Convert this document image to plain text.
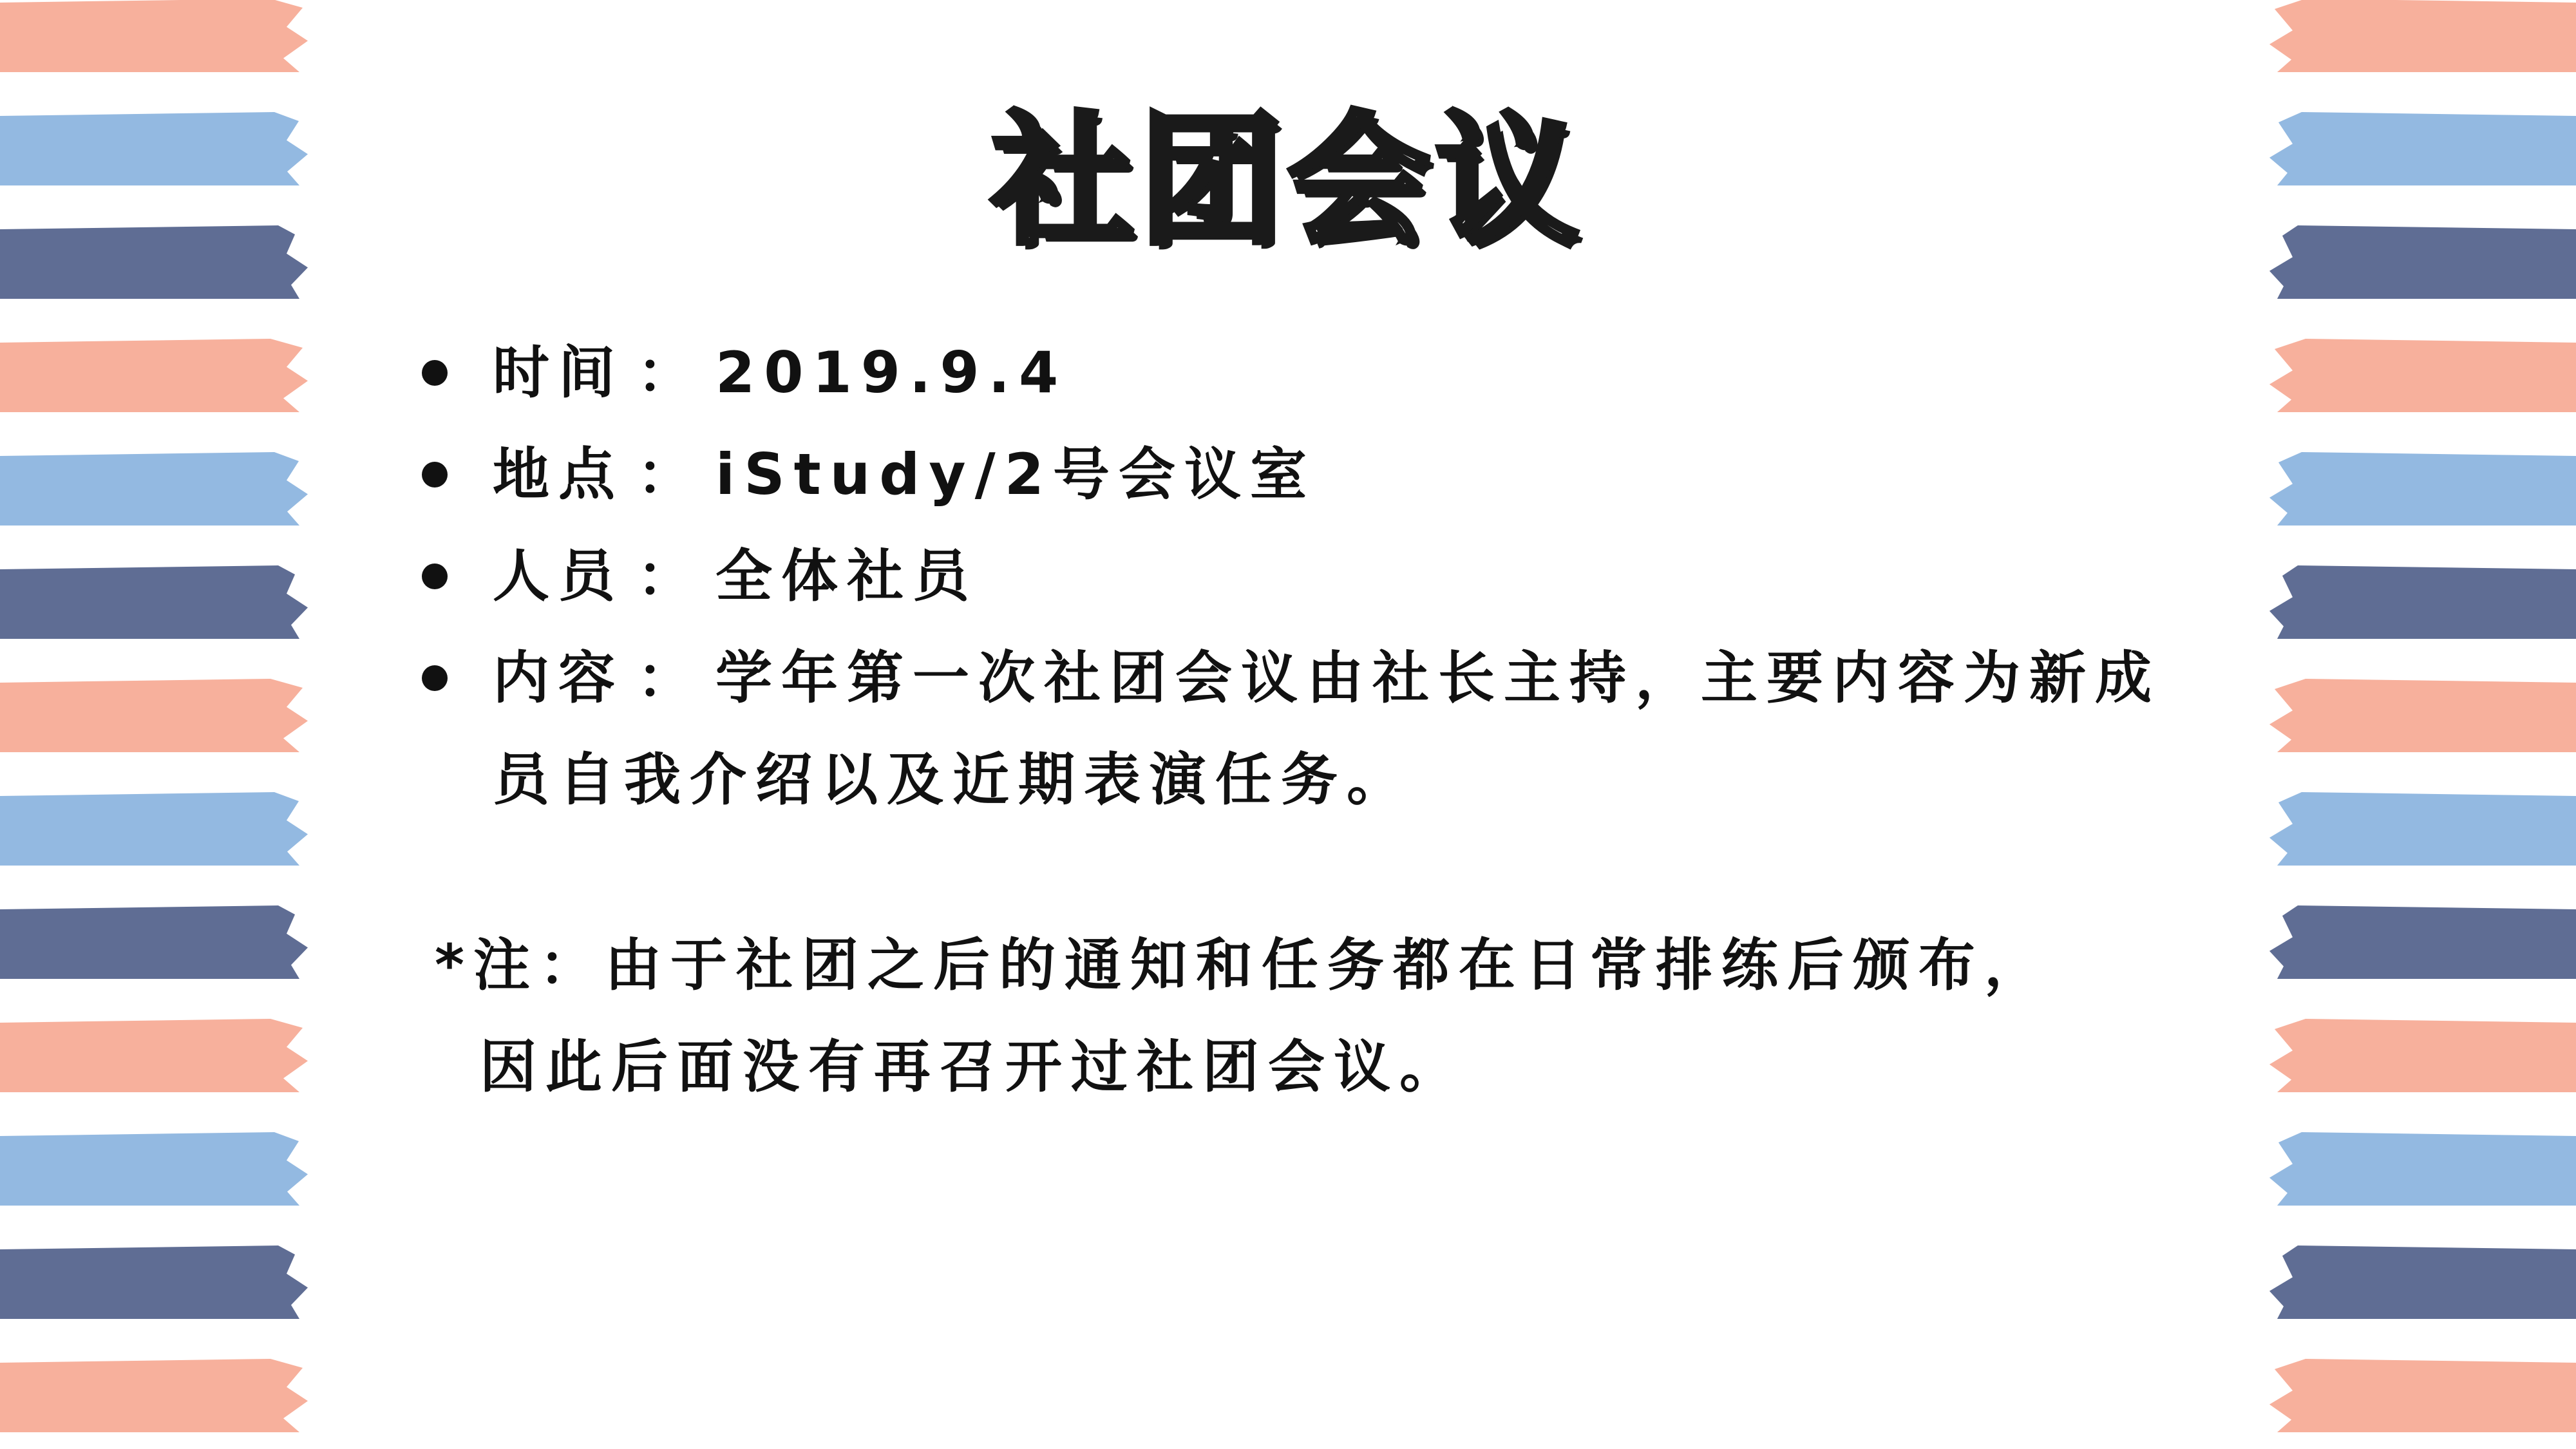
社团会议
时间 ： 2019.9.4
地点 ： iStudy/2号会议室
人员 ： 全体社员
内容 ： 学年第一次社团会议由社长主持，主要内容为新成员自我介绍以及近期表演任务。
*注：由于社团之后的通知和任务都在日常排练后颁布，
因此后面没有再召开过社团会议。
